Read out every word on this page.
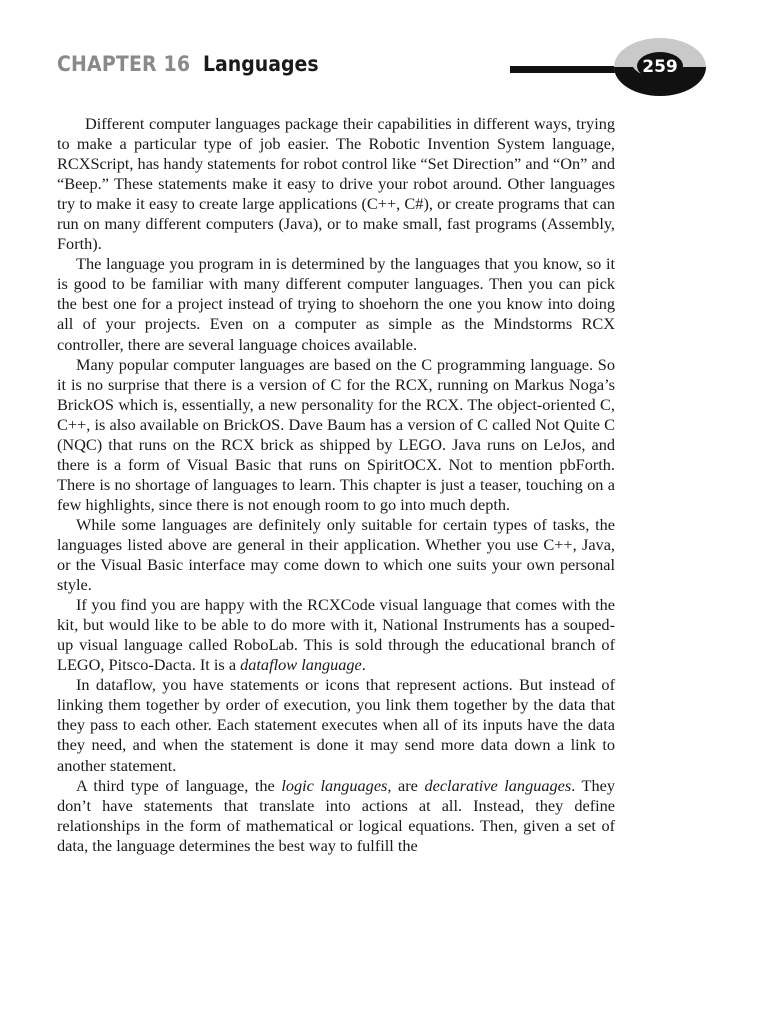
CHAPTER 16 Languages	259

Different computer languages package their capabilities in different ways, trying to make a particular type of job easier. The Robotic Invention System language, RCXScript, has handy statements for robot control like “Set Direction” and “On” and “Beep.” These statements make it easy to drive your robot around. Other languages try to make it easy to create large applications (C++, C#), or create programs that can run on many different computers (Java), or to make small, fast programs (Assembly, Forth).

The language you program in is determined by the languages that you know, so it is good to be familiar with many different computer languages. Then you can pick the best one for a project instead of trying to shoehorn the one you know into doing all of your projects. Even on a computer as simple as the Mindstorms RCX controller, there are several language choices available.

Many popular computer languages are based on the C programming language. So it is no surprise that there is a version of C for the RCX, running on Markus Noga’s BrickOS which is, essentially, a new personality for the RCX. The object-oriented C, C++, is also available on BrickOS. Dave Baum has a version of C called Not Quite C (NQC) that runs on the RCX brick as shipped by LEGO. Java runs on LeJos, and there is a form of Visual Basic that runs on SpiritOCX. Not to mention pbForth. There is no shortage of languages to learn. This chapter is just a teaser, touching on a few highlights, since there is not enough room to go into much depth.

While some languages are definitely only suitable for certain types of tasks, the languages listed above are general in their application. Whether you use C++, Java, or the Visual Basic interface may come down to which one suits your own personal style.

If you find you are happy with the RCXCode visual language that comes with the kit, but would like to be able to do more with it, National Instruments has a souped-up visual language called RoboLab. This is sold through the educational branch of LEGO, Pitsco-Dacta. It is a dataflow language.

In dataflow, you have statements or icons that represent actions. But instead of linking them together by order of execution, you link them together by the data that they pass to each other. Each statement executes when all of its inputs have the data they need, and when the statement is done it may send more data down a link to another statement.

A third type of language, the logic languages, are declarative languages. They don’t have statements that translate into actions at all. Instead, they define relationships in the form of mathematical or logical equations. Then, given a set of data, the language determines the best way to fulfill the
